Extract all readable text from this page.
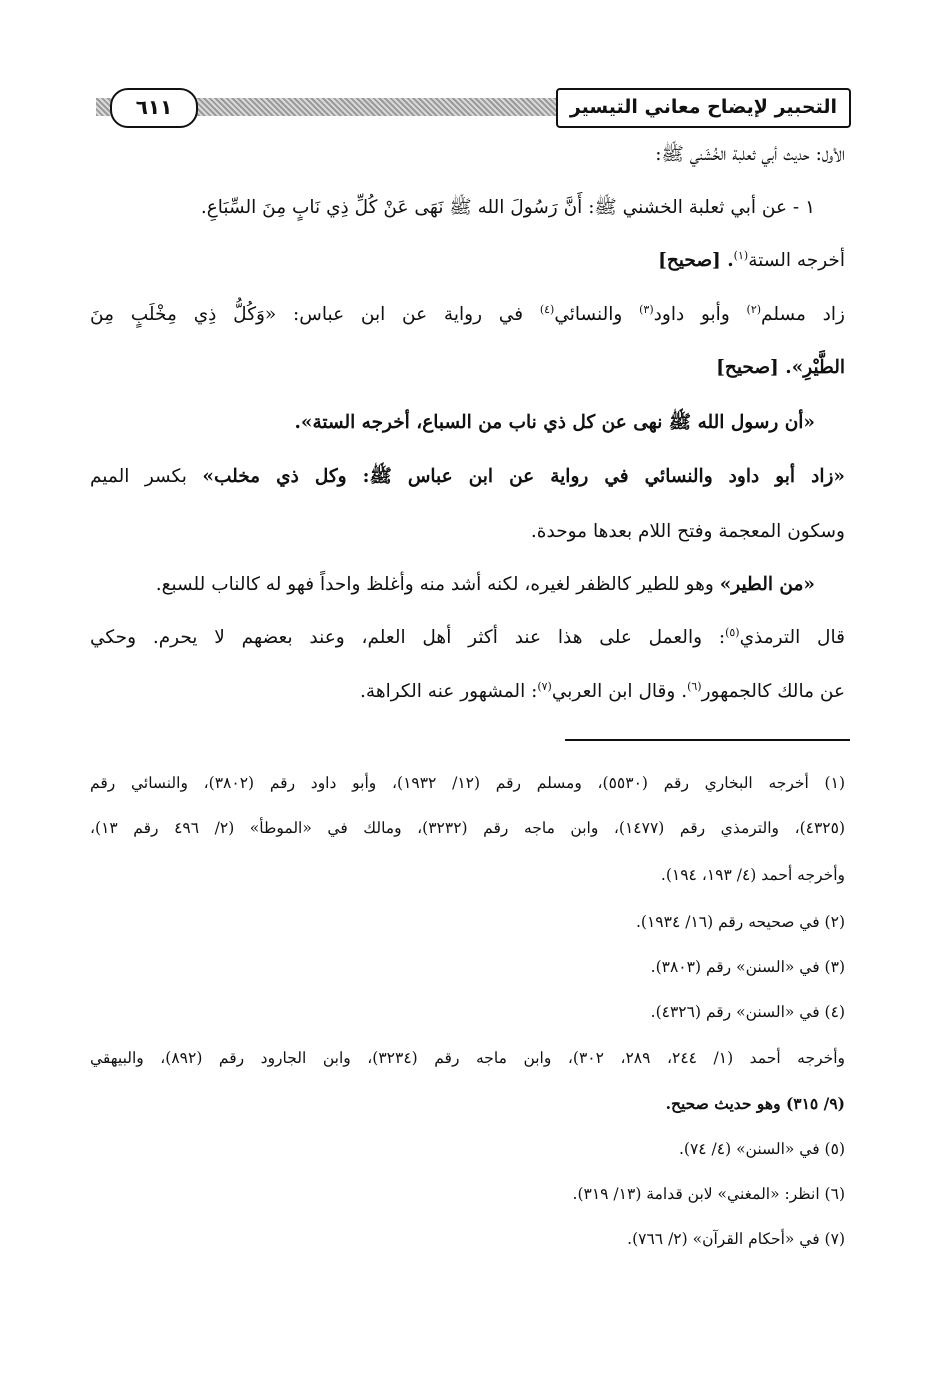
التحبير لإيضاح معاني التيسير
٦١١
الأول: حديث أبي ثعلبة الخُشَني ﷺ:
١ - عن أبي ثعلبة الخشني ﷺ: أَنَّ رَسُولَ الله ﷺ نَهَى عَنْ كُلِّ ذِي نَابٍ مِنَ السِّبَاعِ.
أخرجه الستة$^{(١)}$. [صحيح]
زاد مسلم$^{(٢)}$ وأبو داود$^{(٣)}$ والنسائي$^{(٤)}$ في رواية عن ابن عباس: «وَكُلُّ ذِي مِخْلَبٍ مِنَ
الطَّيْرِ». [صحيح]
«أن رسول الله ﷺ نهى عن كل ذي ناب من السباع، أخرجه الستة».
«زاد أبو داود والنسائي في رواية عن ابن عباس ﷺ: وكل ذي مخلب» بكسر الميم
وسكون المعجمة وفتح اللام بعدها موحدة.
«من الطير» وهو للطير كالظفر لغيره، لكنه أشد منه وأغلظ واحداً فهو له كالناب للسبع.
قال الترمذي$^{(٥)}$: والعمل على هذا عند أكثر أهل العلم، وعند بعضهم لا يحرم. وحكي
عن مالك كالجمهور$^{(٦)}$. وقال ابن العربي$^{(٧)}$: المشهور عنه الكراهة.
(١) أخرجه البخاري رقم (٥٥٣٠)، ومسلم رقم (١٢/ ١٩٣٢)، وأبو داود رقم (٣٨٠٢)، والنسائي رقم
(٤٣٢٥)، والترمذي رقم (١٤٧٧)، وابن ماجه رقم (٣٢٣٢)، ومالك في «الموطأ» (٢/ ٤٩٦ رقم ١٣)،
وأخرجه أحمد (٤/ ١٩٣، ١٩٤).
(٢) في صحيحه رقم (١٦/ ١٩٣٤).
(٣) في «السنن» رقم (٣٨٠٣).
(٤) في «السنن» رقم (٤٣٢٦).
وأخرجه أحمد (١/ ٢٤٤، ٢٨٩، ٣٠٢)، وابن ماجه رقم (٣٢٣٤)، وابن الجارود رقم (٨٩٢)، والبيهقي
(٩/ ٣١٥) وهو حديث صحيح.
(٥) في «السنن» (٤/ ٧٤).
(٦) انظر: «المغني» لابن قدامة (١٣/ ٣١٩).
(٧) في «أحكام القرآن» (٢/ ٧٦٦).
